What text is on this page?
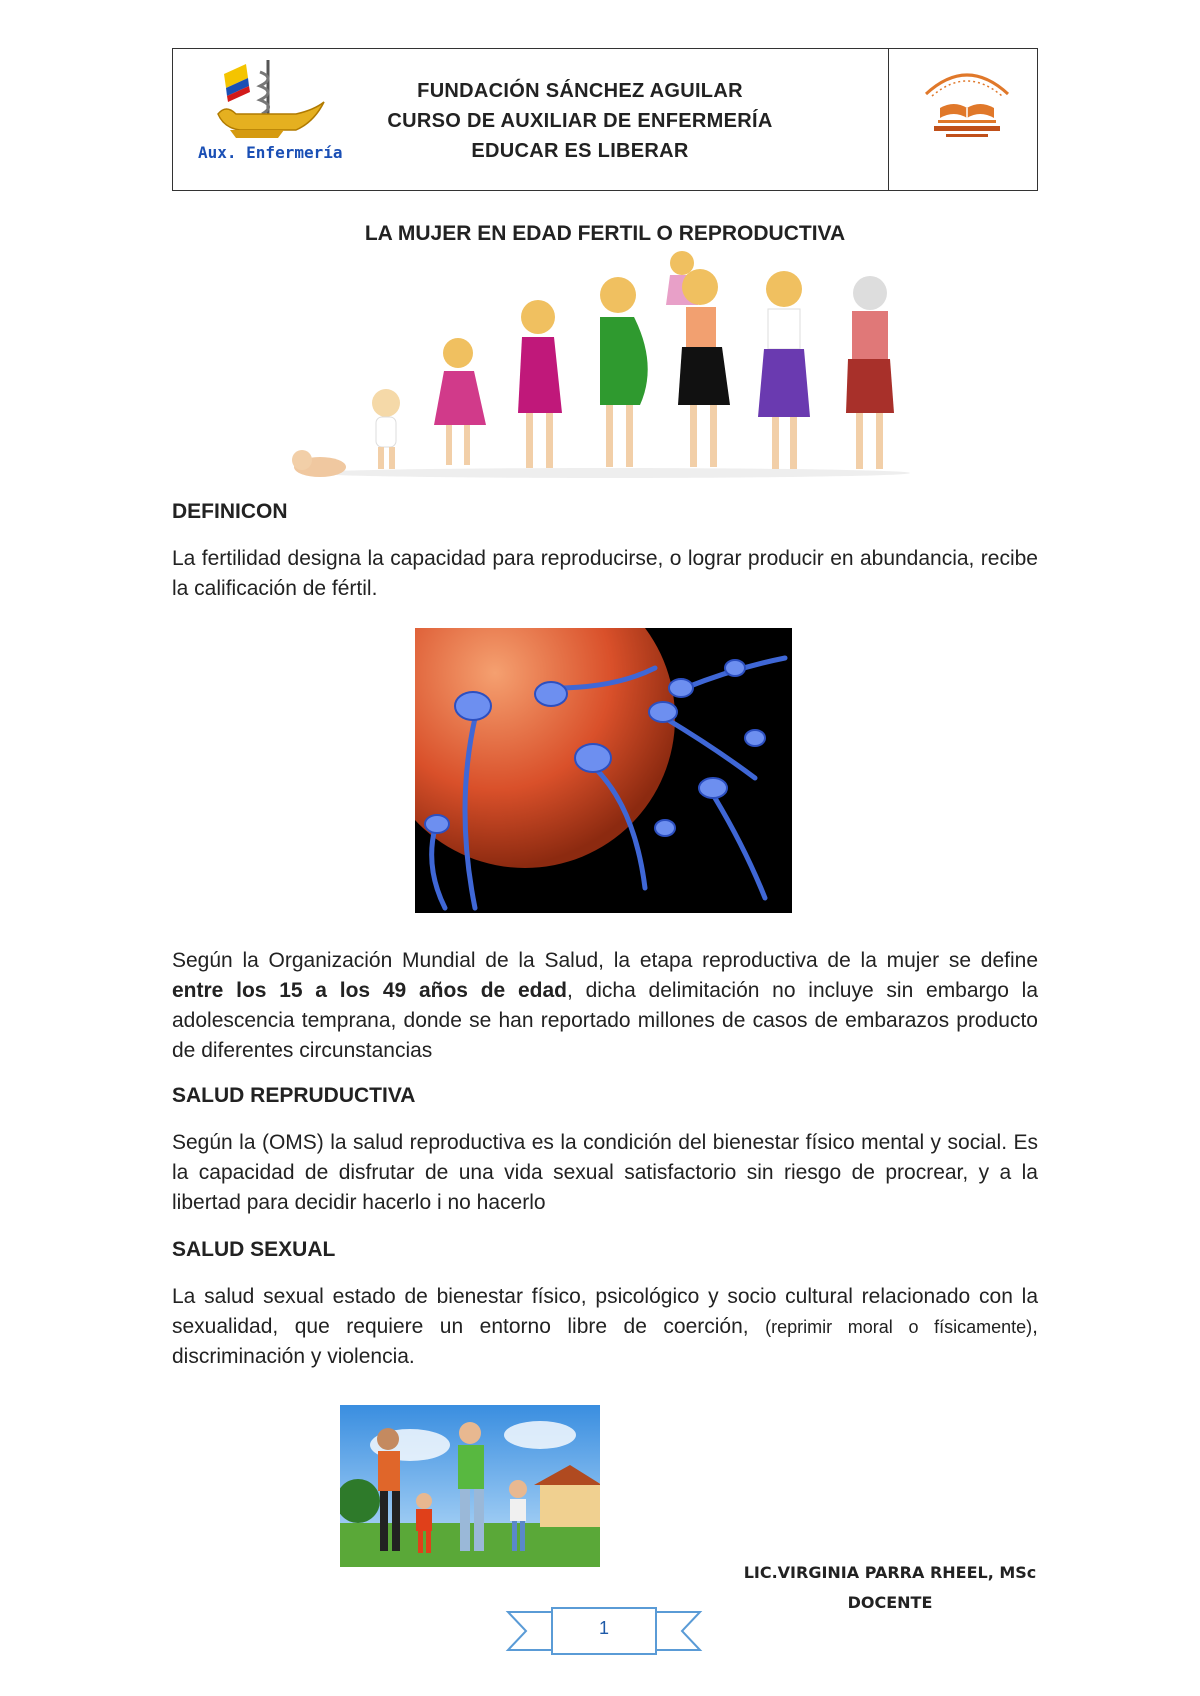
Aux. Enfermería
FUNDACIÓN SÁNCHEZ AGUILAR
CURSO DE AUXILIAR DE ENFERMERÍA
EDUCAR ES LIBERAR
LA MUJER EN EDAD FERTIL O REPRODUCTIVA
DEFINICON
La fertilidad designa la capacidad para reproducirse, o lograr producir en abundancia, recibe la calificación de fértil.
Según la Organización Mundial de la Salud, la etapa reproductiva de la mujer se define entre los 15 a los 49 años de edad, dicha delimitación no incluye sin embargo la adolescencia temprana, donde se han reportado millones de casos de embarazos producto de diferentes circunstancias
SALUD REPRUDUCTIVA
Según la (OMS) la salud reproductiva es la condición del bienestar físico mental y social. Es la capacidad de disfrutar de una vida sexual satisfactorio sin riesgo de procrear, y a la libertad para decidir hacerlo i no hacerlo
SALUD SEXUAL
La salud sexual estado de bienestar físico, psicológico y socio cultural relacionado con la sexualidad, que requiere un entorno libre de coerción, (reprimir moral o físicamente), discriminación y violencia.
LIC.VIRGINIA PARRA RHEEL, MSc
DOCENTE
1
